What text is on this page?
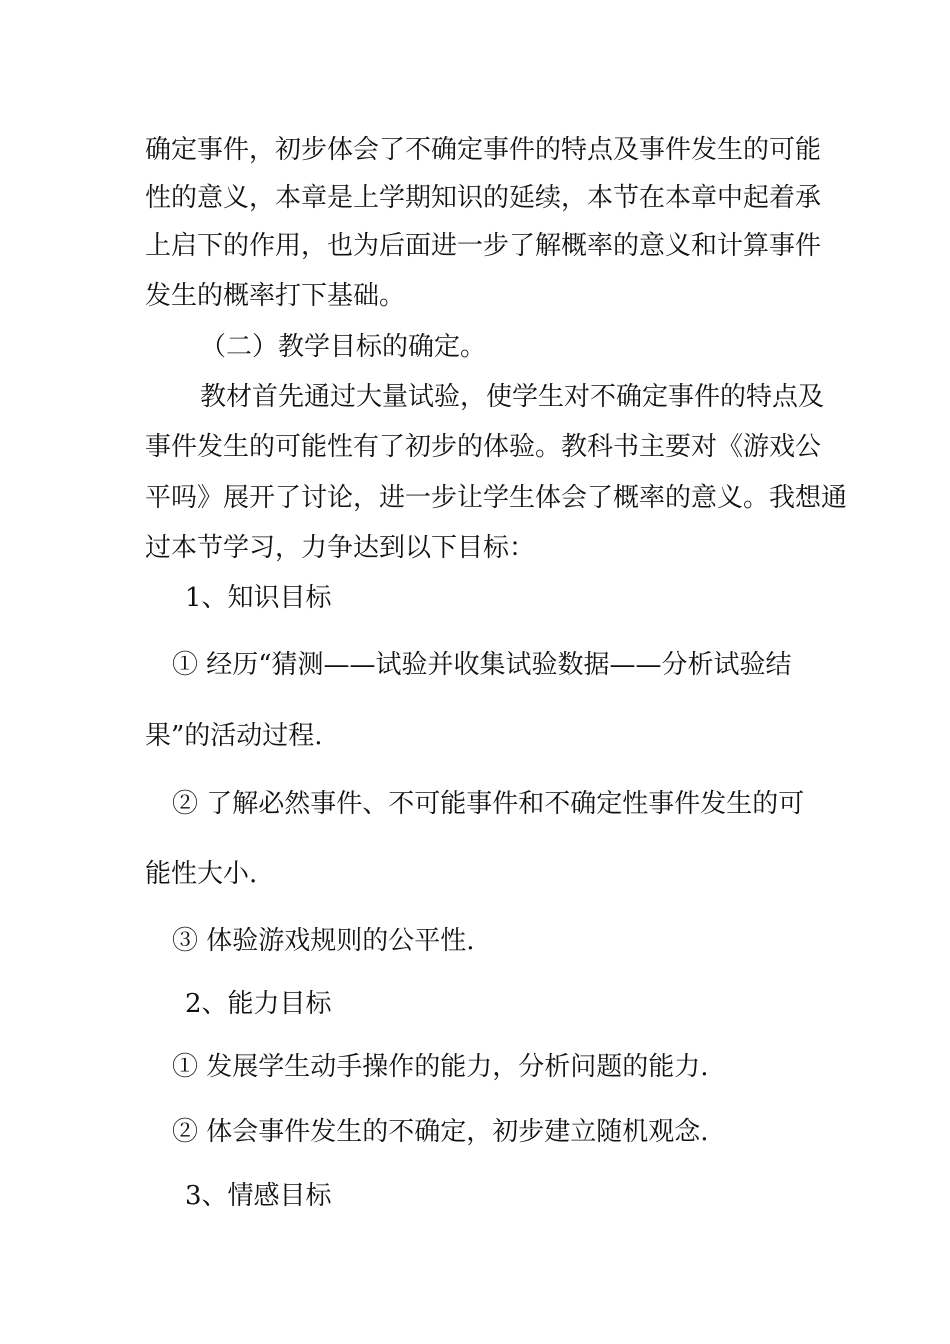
确定事件，初步体会了不确定事件的特点及事件发生的可能

性的意义，本章是上学期知识的延续，本节在本章中起着承

上启下的作用，也为后面进一步了解概率的意义和计算事件

发生的概率打下基础。

（二）教学目标的确定。

教材首先通过大量试验，使学生对不确定事件的特点及

事件发生的可能性有了初步的体验。教科书主要对《游戏公

平吗》展开了讨论，进一步让学生体会了概率的意义。我想通

过本节学习，力争达到以下目标：

1、知识目标

① 经历“猜测——试验并收集试验数据——分析试验结

果”的活动过程.

② 了解必然事件、不可能事件和不确定性事件发生的可

能性大小.

③ 体验游戏规则的公平性.

2、能力目标

① 发展学生动手操作的能力，分析问题的能力.

② 体会事件发生的不确定，初步建立随机观念.

3、情感目标
